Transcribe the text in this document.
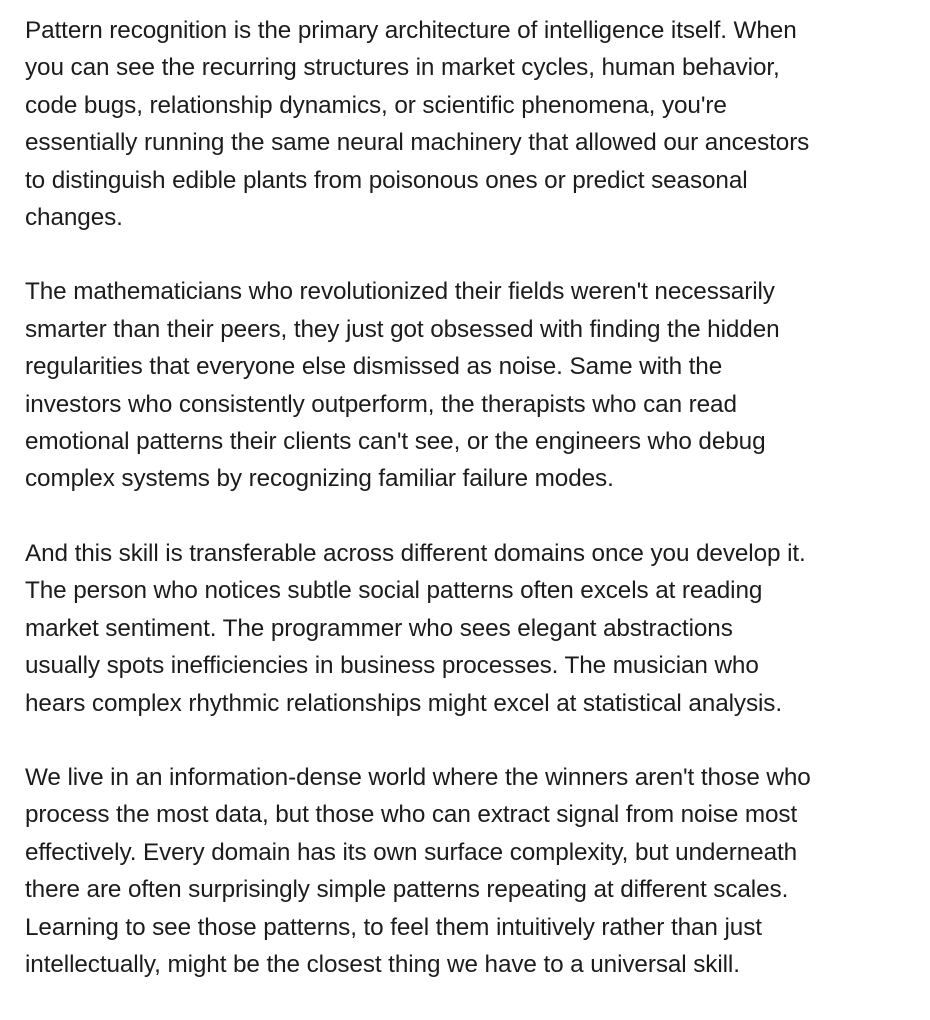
Pattern recognition is the primary architecture of intelligence itself. When
you can see the recurring structures in market cycles, human behavior,
code bugs, relationship dynamics, or scientific phenomena, you're
essentially running the same neural machinery that allowed our ancestors
to distinguish edible plants from poisonous ones or predict seasonal
changes.

The mathematicians who revolutionized their fields weren't necessarily
smarter than their peers, they just got obsessed with finding the hidden
regularities that everyone else dismissed as noise. Same with the
investors who consistently outperform, the therapists who can read
emotional patterns their clients can't see, or the engineers who debug
complex systems by recognizing familiar failure modes.

And this skill is transferable across different domains once you develop it.
The person who notices subtle social patterns often excels at reading
market sentiment. The programmer who sees elegant abstractions
usually spots inefficiencies in business processes. The musician who
hears complex rhythmic relationships might excel at statistical analysis.

We live in an information-dense world where the winners aren't those who
process the most data, but those who can extract signal from noise most
effectively. Every domain has its own surface complexity, but underneath
there are often surprisingly simple patterns repeating at different scales.
Learning to see those patterns, to feel them intuitively rather than just
intellectually, might be the closest thing we have to a universal skill.
